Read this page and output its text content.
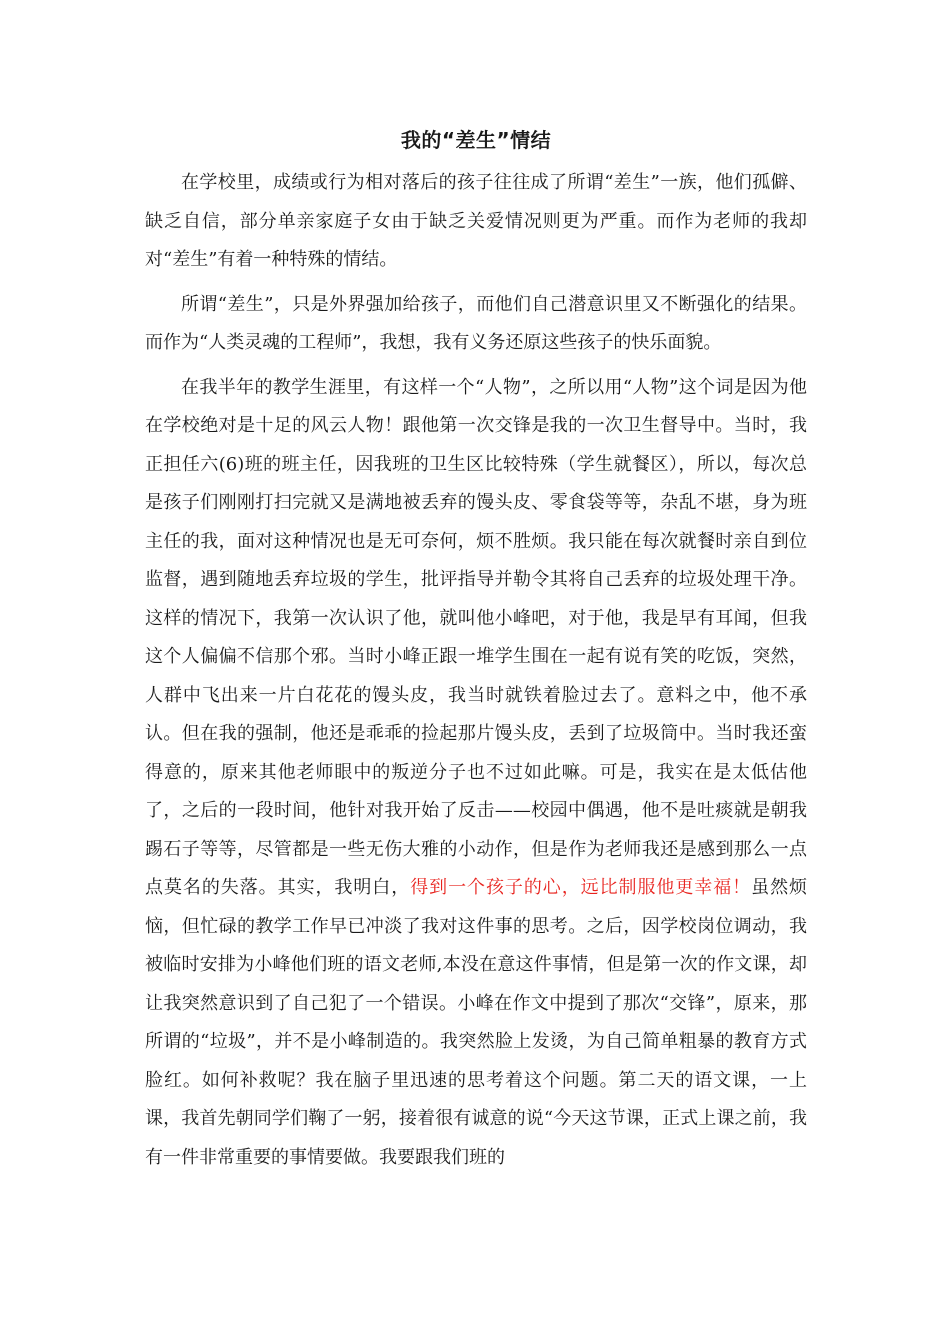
我的“差生”情结

在学校里，成绩或行为相对落后的孩子往往成了所谓“差生”一族，他们孤僻、缺乏自信，部分单亲家庭子女由于缺乏关爱情况则更为严重。而作为老师的我却对“差生”有着一种特殊的情结。

所谓“差生”，只是外界强加给孩子，而他们自己潜意识里又不断强化的结果。而作为“人类灵魂的工程师”，我想，我有义务还原这些孩子的快乐面貌。

在我半年的教学生涯里，有这样一个“人物”，之所以用“人物”这个词是因为他在学校绝对是十足的风云人物！跟他第一次交锋是我的一次卫生督导中。当时，我正担任六(6)班的班主任，因我班的卫生区比较特殊（学生就餐区），所以，每次总是孩子们刚刚打扫完就又是满地被丢弃的馒头皮、零食袋等等，杂乱不堪，身为班主任的我，面对这种情况也是无可奈何，烦不胜烦。我只能在每次就餐时亲自到位监督，遇到随地丢弃垃圾的学生，批评指导并勒令其将自己丢弃的垃圾处理干净。这样的情况下，我第一次认识了他，就叫他小峰吧，对于他，我是早有耳闻，但我这个人偏偏不信那个邪。当时小峰正跟一堆学生围在一起有说有笑的吃饭，突然，人群中飞出来一片白花花的馒头皮，我当时就铁着脸过去了。意料之中，他不承认。但在我的强制，他还是乖乖的捡起那片馒头皮，丢到了垃圾筒中。当时我还蛮得意的，原来其他老师眼中的叛逆分子也不过如此嘛。可是，我实在是太低估他了，之后的一段时间，他针对我开始了反击——校园中偶遇，他不是吐痰就是朝我踢石子等等，尽管都是一些无伤大雅的小动作，但是作为老师我还是感到那么一点点莫名的失落。其实，我明白，得到一个孩子的心，远比制服他更幸福！虽然烦恼，但忙碌的教学工作早已冲淡了我对这件事的思考。之后，因学校岗位调动，我被临时安排为小峰他们班的语文老师,本没在意这件事情，但是第一次的作文课，却让我突然意识到了自己犯了一个错误。小峰在作文中提到了那次“交锋”，原来，那所谓的“垃圾”，并不是小峰制造的。我突然脸上发烫，为自己简单粗暴的教育方式脸红。如何补救呢？我在脑子里迅速的思考着这个问题。第二天的语文课，一上课，我首先朝同学们鞠了一躬，接着很有诚意的说“今天这节课，正式上课之前，我有一件非常重要的事情要做。我要跟我们班的
